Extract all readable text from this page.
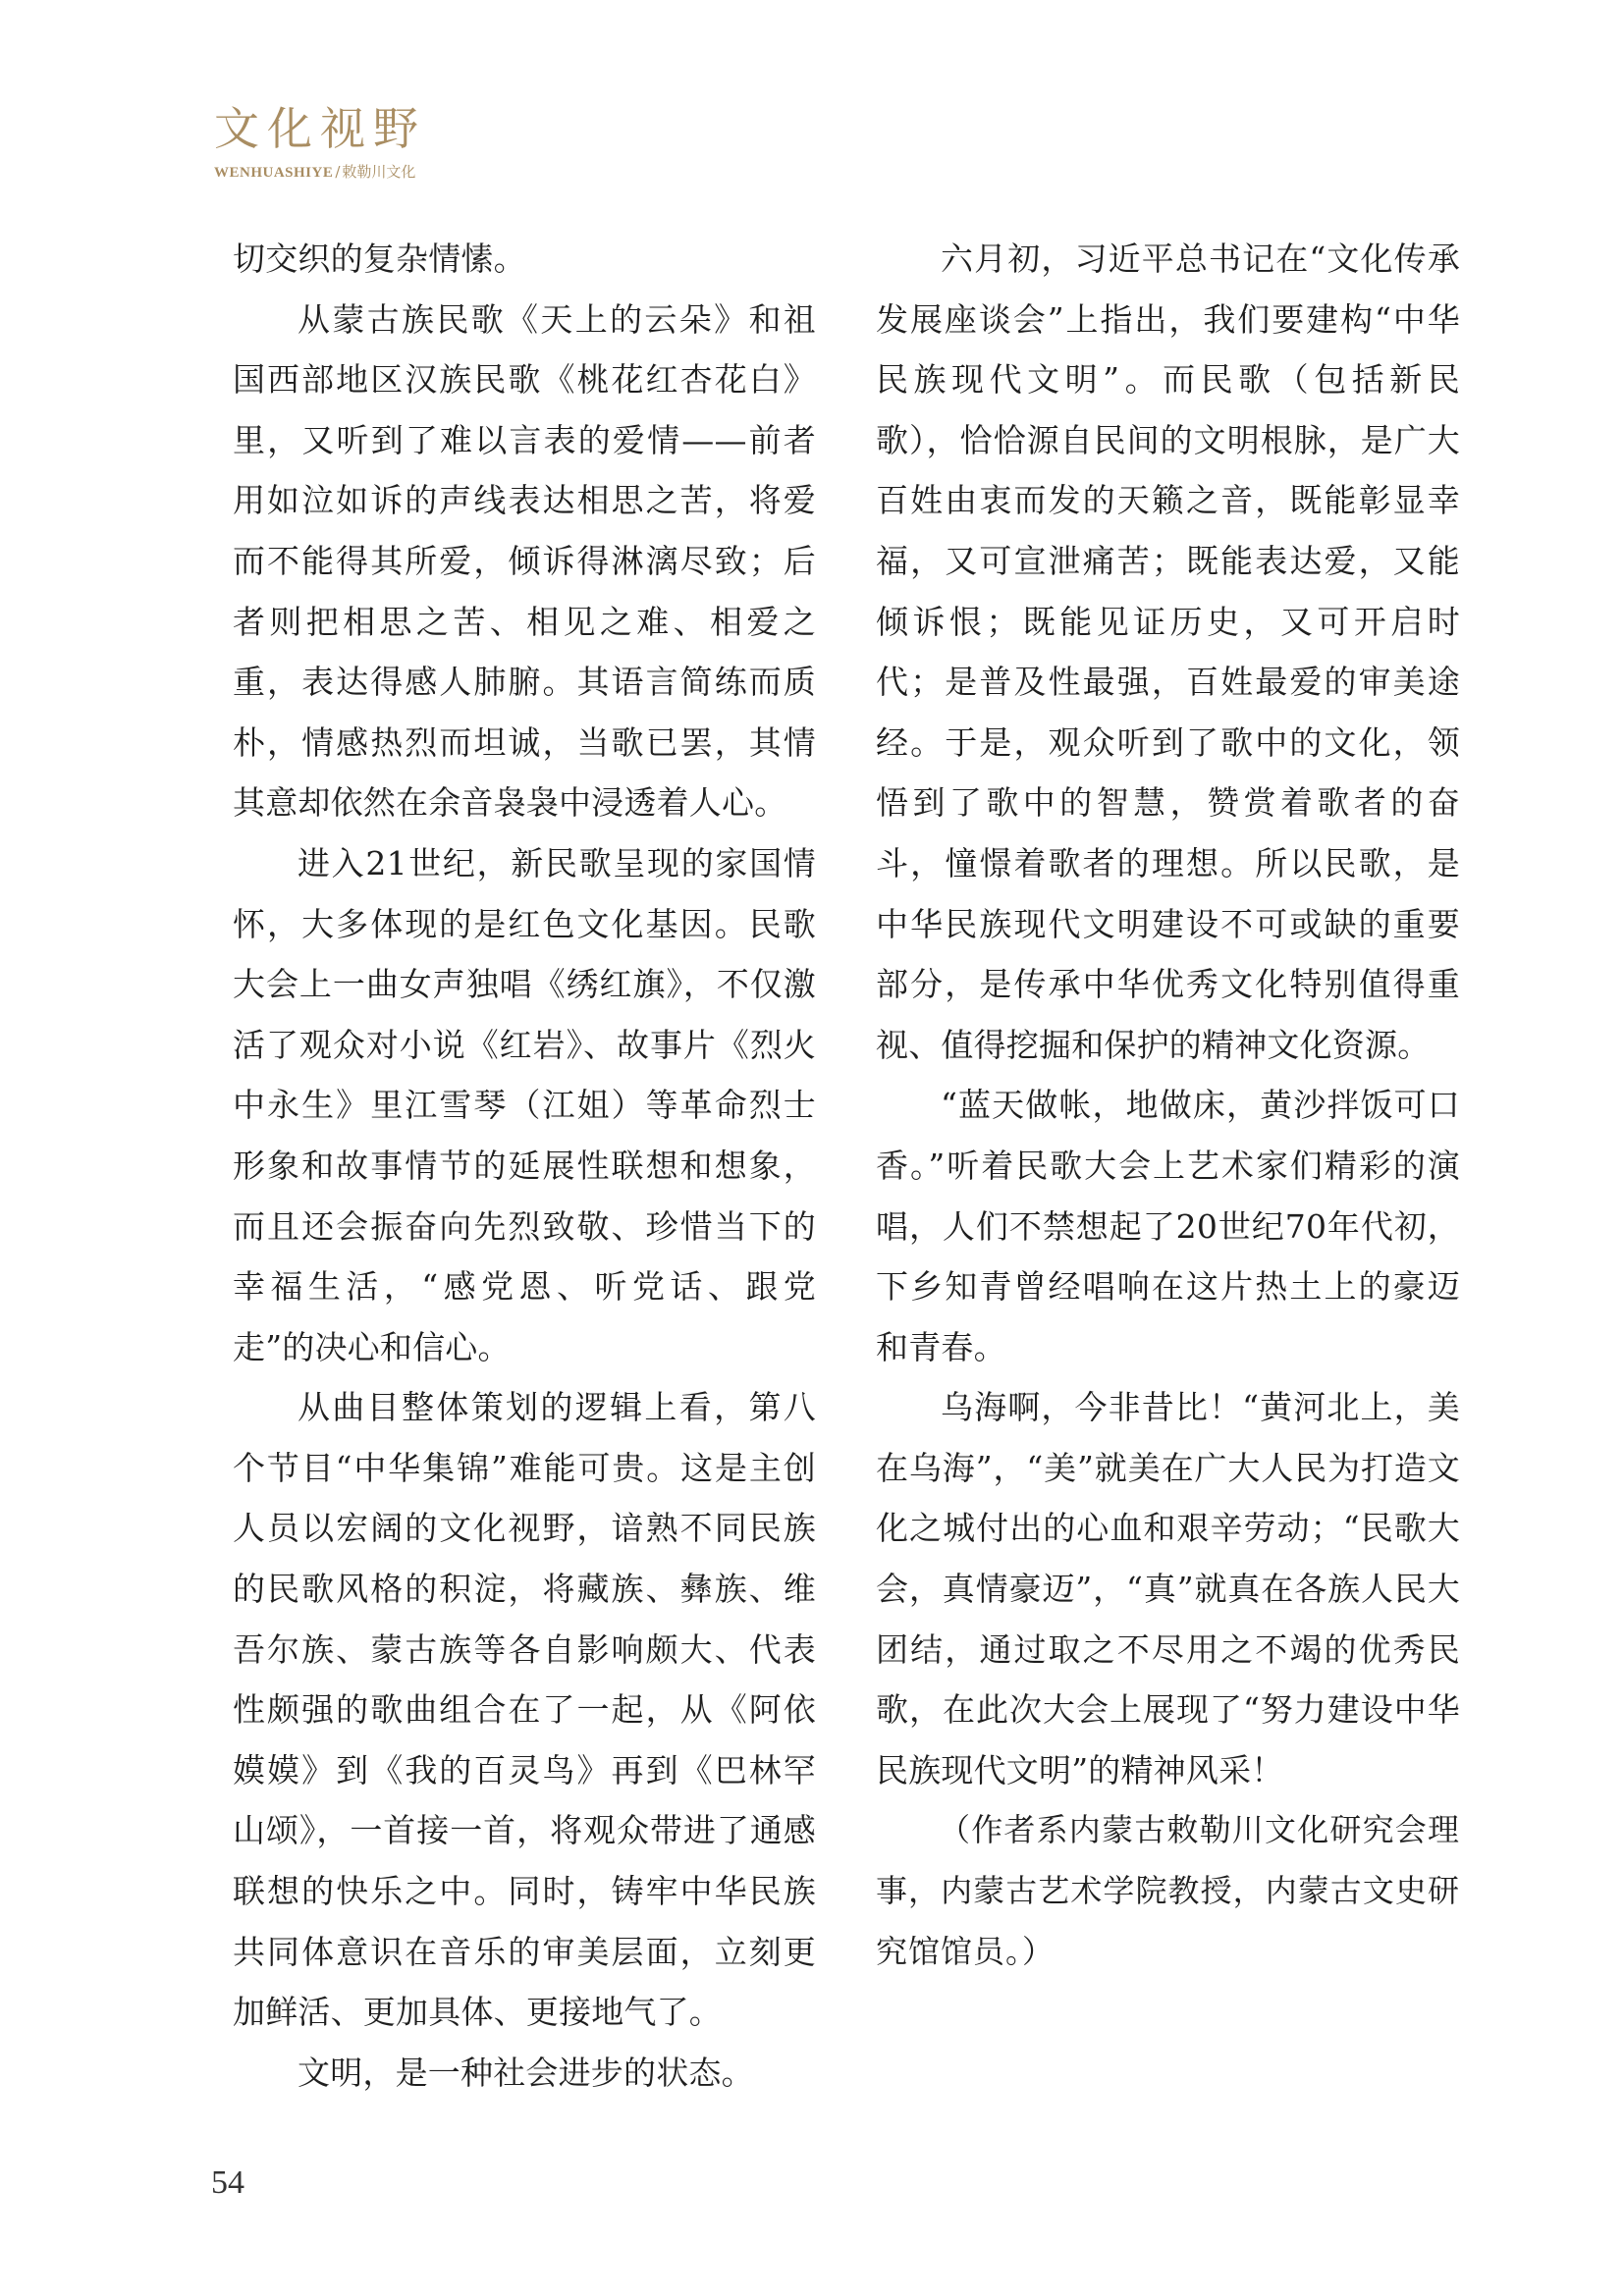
文化视野
WENHUASHIYE / 敕勒川文化

切交织的复杂情愫。

从蒙古族民歌《天上的云朵》和祖国西部地区汉族民歌《桃花红杏花白》里，又听到了难以言表的爱情——前者用如泣如诉的声线表达相思之苦，将爱而不能得其所爱，倾诉得淋漓尽致；后者则把相思之苦、相见之难、相爱之重，表达得感人肺腑。其语言简练而质朴，情感热烈而坦诚，当歌已罢，其情其意却依然在余音袅袅中浸透着人心。

进入21世纪，新民歌呈现的家国情怀，大多体现的是红色文化基因。民歌大会上一曲女声独唱《绣红旗》，不仅激活了观众对小说《红岩》、故事片《烈火中永生》里江雪琴（江姐）等革命烈士形象和故事情节的延展性联想和想象，而且还会振奋向先烈致敬、珍惜当下的幸福生活，“感党恩、听党话、跟党走”的决心和信心。

从曲目整体策划的逻辑上看，第八个节目“中华集锦”难能可贵。这是主创人员以宏阔的文化视野，谙熟不同民族的民歌风格的积淀，将藏族、彝族、维吾尔族、蒙古族等各自影响颇大、代表性颇强的歌曲组合在了一起，从《阿依嫫嫫》到《我的百灵鸟》再到《巴林罕山颂》，一首接一首，将观众带进了通感联想的快乐之中。同时，铸牢中华民族共同体意识在音乐的审美层面，立刻更加鲜活、更加具体、更接地气了。

文明，是一种社会进步的状态。

六月初，习近平总书记在“文化传承发展座谈会”上指出，我们要建构“中华民族现代文明”。而民歌（包括新民歌），恰恰源自民间的文明根脉，是广大百姓由衷而发的天籁之音，既能彰显幸福，又可宣泄痛苦；既能表达爱，又能倾诉恨；既能见证历史，又可开启时代；是普及性最强，百姓最爱的审美途经。于是，观众听到了歌中的文化，领悟到了歌中的智慧，赞赏着歌者的奋斗，憧憬着歌者的理想。所以民歌，是中华民族现代文明建设不可或缺的重要部分，是传承中华优秀文化特别值得重视、值得挖掘和保护的精神文化资源。

“蓝天做帐，地做床，黄沙拌饭可口香。”听着民歌大会上艺术家们精彩的演唱，人们不禁想起了20世纪70年代初，下乡知青曾经唱响在这片热土上的豪迈和青春。

乌海啊，今非昔比！“黄河北上，美在乌海”，“美”就美在广大人民为打造文化之城付出的心血和艰辛劳动；“民歌大会，真情豪迈”，“真”就真在各族人民大团结，通过取之不尽用之不竭的优秀民歌，在此次大会上展现了“努力建设中华民族现代文明”的精神风采！

（作者系内蒙古敕勒川文化研究会理事，内蒙古艺术学院教授，内蒙古文史研究馆馆员。）

54
